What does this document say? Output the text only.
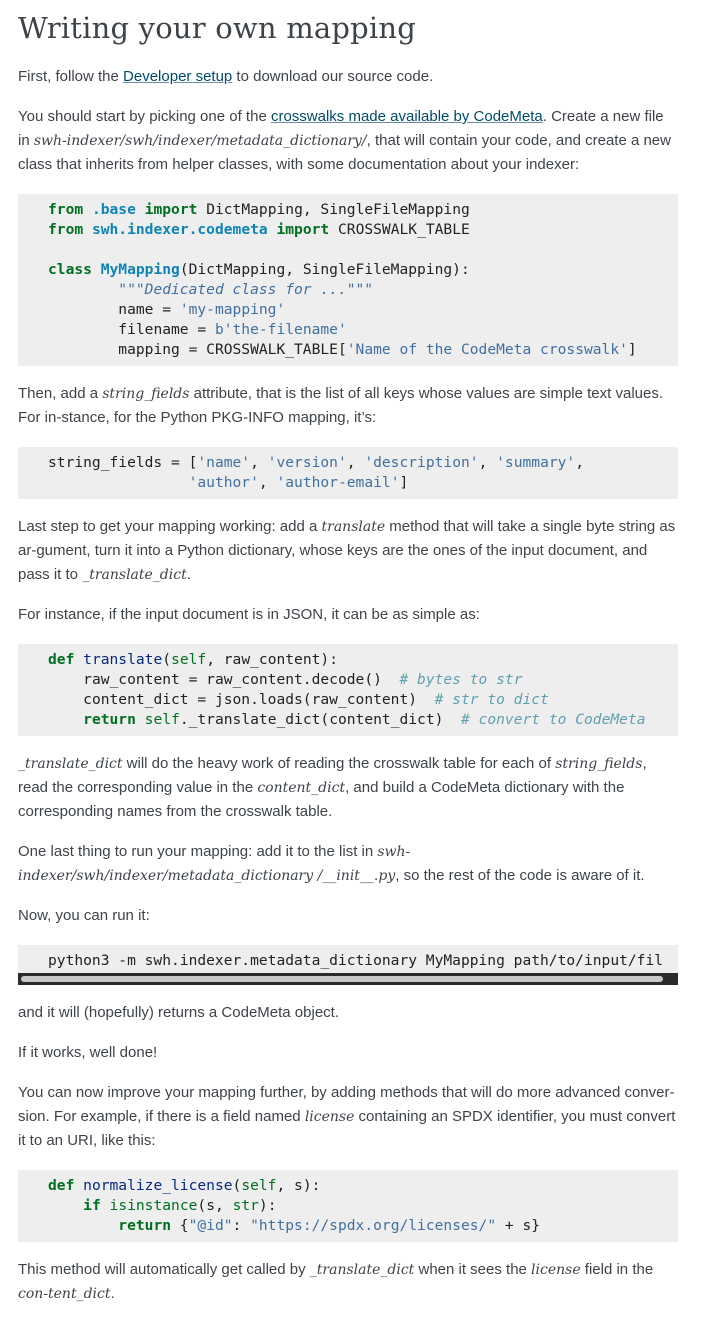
Writing your own mapping

First, follow the Developer setup to download our source code.

You should start by picking one of the crosswalks made available by CodeMeta. Create a new file in swh-indexer/swh/indexer/metadata_dictionary/, that will contain your code, and create a new class that inherits from helper classes, with some documentation about your indexer:

from .base import DictMapping, SingleFileMapping
from swh.indexer.codemeta import CROSSWALK_TABLE

class MyMapping(DictMapping, SingleFileMapping):
"""Dedicated class for ..."""
name = 'my-mapping'
filename = b'the-filename'
mapping = CROSSWALK_TABLE['Name of the CodeMeta crosswalk']

Then, add a string_fields attribute, that is the list of all keys whose values are simple text values. For in-stance, for the Python PKG-INFO mapping, it’s:

string_fields = ['name', 'version', 'description', 'summary',
'author', 'author-email']

Last step to get your mapping working: add a translate method that will take a single byte string as ar-gument, turn it into a Python dictionary, whose keys are the ones of the input document, and pass it to _translate_dict.

For instance, if the input document is in JSON, it can be as simple as:

def translate(self, raw_content):
raw_content = raw_content.decode()  # bytes to str
content_dict = json.loads(raw_content)  # str to dict
return self._translate_dict(content_dict)  # convert to CodeMeta

_translate_dict will do the heavy work of reading the crosswalk table for each of string_fields, read the corresponding value in the content_dict, and build a CodeMeta dictionary with the corresponding names from the crosswalk table.

One last thing to run your mapping: add it to the list in swh-indexer/swh/indexer/metadata_dictionary /__init__.py, so the rest of the code is aware of it.

Now, you can run it:

python3 -m swh.indexer.metadata_dictionary MyMapping path/to/input/fil

and it will (hopefully) returns a CodeMeta object.

If it works, well done!

You can now improve your mapping further, by adding methods that will do more advanced conver-sion. For example, if there is a field named license containing an SPDX identifier, you must convert it to an URI, like this:

def normalize_license(self, s):
if isinstance(s, str):
return {"@id": "https://spdx.org/licenses/" + s}

This method will automatically get called by _translate_dict when it sees the license field in the con-tent_dict.
